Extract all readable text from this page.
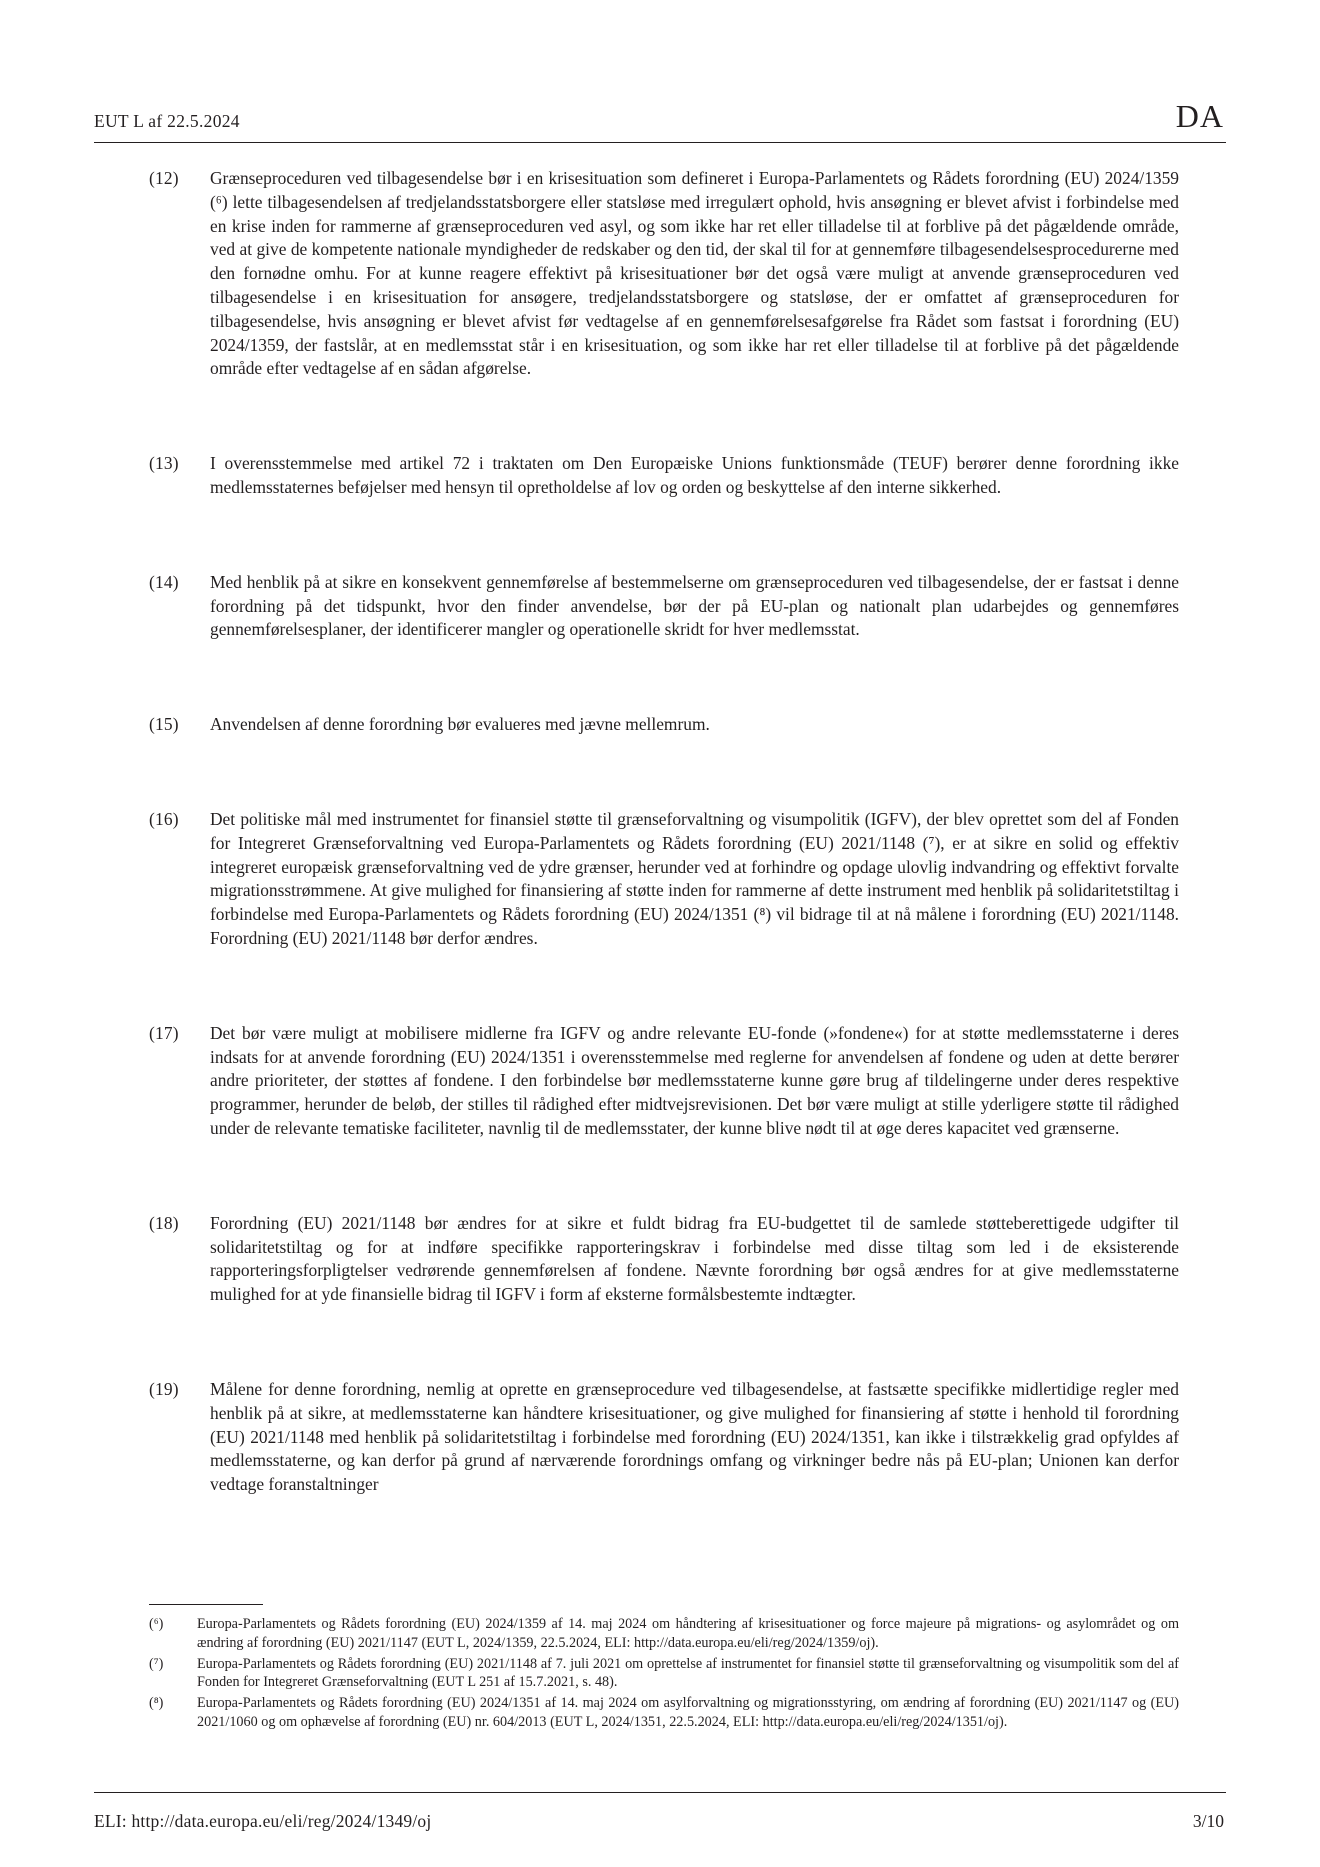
EUT L af 22.5.2024	DA
(12) Grænseproceduren ved tilbagesendelse bør i en krisesituation som defineret i Europa-Parlamentets og Rådets forordning (EU) 2024/1359 (⁶) lette tilbagesendelsen af tredjelandsstatsborgere eller statsløse med irregulært ophold, hvis ansøgning er blevet afvist i forbindelse med en krise inden for rammerne af grænseproceduren ved asyl, og som ikke har ret eller tilladelse til at forblive på det pågældende område, ved at give de kompetente nationale myndigheder de redskaber og den tid, der skal til for at gennemføre tilbagesendelsesprocedurerne med den fornødne omhu. For at kunne reagere effektivt på krisesituationer bør det også være muligt at anvende grænseproceduren ved tilbagesendelse i en krisesituation for ansøgere, tredjelandsstatsborgere og statsløse, der er omfattet af grænseproceduren for tilbagesendelse, hvis ansøgning er blevet afvist før vedtagelse af en gennemførelsesafgørelse fra Rådet som fastsat i forordning (EU) 2024/1359, der fastslår, at en medlemsstat står i en krisesituation, og som ikke har ret eller tilladelse til at forblive på det pågældende område efter vedtagelse af en sådan afgørelse.
(13) I overensstemmelse med artikel 72 i traktaten om Den Europæiske Unions funktionsmåde (TEUF) berører denne forordning ikke medlemsstaternes beføjelser med hensyn til opretholdelse af lov og orden og beskyttelse af den interne sikkerhed.
(14) Med henblik på at sikre en konsekvent gennemførelse af bestemmelserne om grænseproceduren ved tilbagesendelse, der er fastsat i denne forordning på det tidspunkt, hvor den finder anvendelse, bør der på EU-plan og nationalt plan udarbejdes og gennemføres gennemførelsesplaner, der identificerer mangler og operationelle skridt for hver medlemsstat.
(15) Anvendelsen af denne forordning bør evalueres med jævne mellemrum.
(16) Det politiske mål med instrumentet for finansiel støtte til grænseforvaltning og visumpolitik (IGFV), der blev oprettet som del af Fonden for Integreret Grænseforvaltning ved Europa-Parlamentets og Rådets forordning (EU) 2021/1148 (⁷), er at sikre en solid og effektiv integreret europæisk grænseforvaltning ved de ydre grænser, herunder ved at forhindre og opdage ulovlig indvandring og effektivt forvalte migrationsstrømmene. At give mulighed for finansiering af støtte inden for rammerne af dette instrument med henblik på solidaritetstiltag i forbindelse med Europa-Parlamentets og Rådets forordning (EU) 2024/1351 (⁸) vil bidrage til at nå målene i forordning (EU) 2021/1148. Forordning (EU) 2021/1148 bør derfor ændres.
(17) Det bør være muligt at mobilisere midlerne fra IGFV og andre relevante EU-fonde (»fondene«) for at støtte medlemsstaterne i deres indsats for at anvende forordning (EU) 2024/1351 i overensstemmelse med reglerne for anvendelsen af fondene og uden at dette berører andre prioriteter, der støttes af fondene. I den forbindelse bør medlemsstaterne kunne gøre brug af tildelingerne under deres respektive programmer, herunder de beløb, der stilles til rådighed efter midtvejsrevisionen. Det bør være muligt at stille yderligere støtte til rådighed under de relevante tematiske faciliteter, navnlig til de medlemsstater, der kunne blive nødt til at øge deres kapacitet ved grænserne.
(18) Forordning (EU) 2021/1148 bør ændres for at sikre et fuldt bidrag fra EU-budgettet til de samlede støtteberettigede udgifter til solidaritetstiltag og for at indføre specifikke rapporteringskrav i forbindelse med disse tiltag som led i de eksisterende rapporteringsforpligtelser vedrørende gennemførelsen af fondene. Nævnte forordning bør også ændres for at give medlemsstaterne mulighed for at yde finansielle bidrag til IGFV i form af eksterne formålsbestemte indtægter.
(19) Målene for denne forordning, nemlig at oprette en grænseprocedure ved tilbagesendelse, at fastsætte specifikke midlertidige regler med henblik på at sikre, at medlemsstaterne kan håndtere krisesituationer, og give mulighed for finansiering af støtte i henhold til forordning (EU) 2021/1148 med henblik på solidaritetstiltag i forbindelse med forordning (EU) 2024/1351, kan ikke i tilstrækkelig grad opfyldes af medlemsstaterne, og kan derfor på grund af nærværende forordnings omfang og virkninger bedre nås på EU-plan; Unionen kan derfor vedtage foranstaltninger
(⁶) Europa-Parlamentets og Rådets forordning (EU) 2024/1359 af 14. maj 2024 om håndtering af krisesituationer og force majeure på migrations- og asylområdet og om ændring af forordning (EU) 2021/1147 (EUT L, 2024/1359, 22.5.2024, ELI: http://data.europa.eu/eli/reg/2024/1359/oj).
(⁷) Europa-Parlamentets og Rådets forordning (EU) 2021/1148 af 7. juli 2021 om oprettelse af instrumentet for finansiel støtte til grænseforvaltning og visumpolitik som del af Fonden for Integreret Grænseforvaltning (EUT L 251 af 15.7.2021, s. 48).
(⁸) Europa-Parlamentets og Rådets forordning (EU) 2024/1351 af 14. maj 2024 om asylforvaltning og migrationsstyring, om ændring af forordning (EU) 2021/1147 og (EU) 2021/1060 og om ophævelse af forordning (EU) nr. 604/2013 (EUT L, 2024/1351, 22.5.2024, ELI: http://data.europa.eu/eli/reg/2024/1351/oj).
ELI: http://data.europa.eu/eli/reg/2024/1349/oj	3/10
